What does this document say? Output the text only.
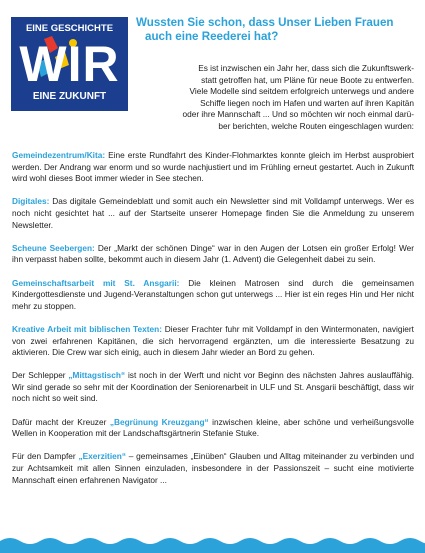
EINE GESCHICHTE
WIR
EINE ZUKUNFT
Wussten Sie schon, dass Unser Lieben Frauen
auch eine Reederei hat?

Es ist inzwischen ein Jahr her, dass sich die Zukunftswerk-
statt getroffen hat, um Pläne für neue Boote zu entwerfen.
Viele Modelle sind seitdem erfolgreich unterwegs und andere
Schiffe liegen noch im Hafen und warten auf ihren Kapitän
oder ihre Mannschaft ... Und so möchten wir noch einmal darü-
ber berichten, welche Routen eingeschlagen wurden:

Gemeindezentrum/Kita: Eine erste Rundfahrt des Kinder-Flohmarktes konnte gleich im Herbst ausprobiert werden. Der Andrang war enorm und so wurde nachjustiert und im Frühling erneut gestartet. Auch in Zukunft wird wohl dieses Boot immer wieder in See stechen.

Digitales: Das digitale Gemeindeblatt und somit auch ein Newsletter sind mit Volldampf unterwegs. Wer es noch nicht gesichtet hat ... auf der Startseite unserer Homepage finden Sie die Anmeldung zu unserem Newsletter.

Scheune Seebergen: Der „Markt der schönen Dinge“ war in den Augen der Lotsen ein großer Erfolg! Wer ihn verpasst haben sollte, bekommt auch in diesem Jahr (1. Advent) die Gelegenheit dabei zu sein.

Gemeinschaftsarbeit mit St. Ansgarii: Die kleinen Matrosen sind durch die gemeinsamen Kindergottesdienste und Jugend-Veranstaltungen schon gut unterwegs ... Hier ist ein reges Hin und Her nicht mehr zu stoppen.

Kreative Arbeit mit biblischen Texten: Dieser Frachter fuhr mit Volldampf in den Wintermonaten, navigiert von zwei erfahrenen Kapitänen, die sich hervorragend ergänzten, um die interessierte Besatzung zu aktivieren. Die Crew war sich einig, auch in diesem Jahr wieder an Bord zu gehen.

Der Schlepper „Mittagstisch“ ist noch in der Werft und nicht vor Beginn des nächsten Jahres auslauffähig. Wir sind gerade so sehr mit der Koordination der Seniorenarbeit in ULF und St. Ansgarii beschäftigt, dass wir noch nicht so weit sind.

Dafür macht der Kreuzer „Begrünung Kreuzgang“ inzwischen kleine, aber schöne und verheißungsvolle Wellen in Kooperation mit der Landschaftsgärtnerin Stefanie Stuke.

Für den Dampfer „Exerzitien“ – gemeinsames „Einüben“ Glauben und Alltag miteinander zu verbinden und zur Achtsamkeit mit allen Sinnen einzuladen, insbesondere in der Passionszeit – sucht eine motivierte Mannschaft einen erfahrenen Navigator ...
